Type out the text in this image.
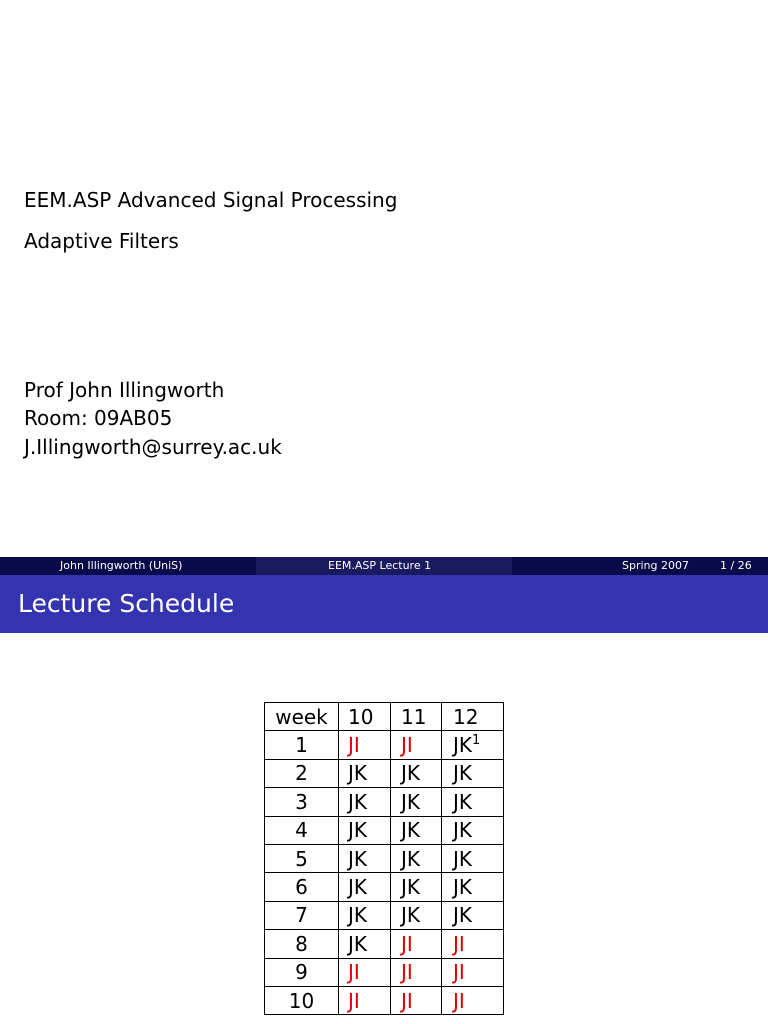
EEM.ASP Advanced Signal Processing
Adaptive Filters
Prof John Illingworth
Room: 09AB05
J.Illingworth@surrey.ac.uk
John Illingworth (UniS)	EEM.ASP Lecture 1	Spring 2007	1 / 26
Lecture Schedule
week	10	11	12
1	JI	JI	$JK^1$
2	JK	JK	JK
3	JK	JK	JK
4	JK	JK	JK
5	JK	JK	JK
6	JK	JK	JK
7	JK	JK	JK
8	JK	JI	JI
9	JI	JI	JI
10	JI	JI	JI
